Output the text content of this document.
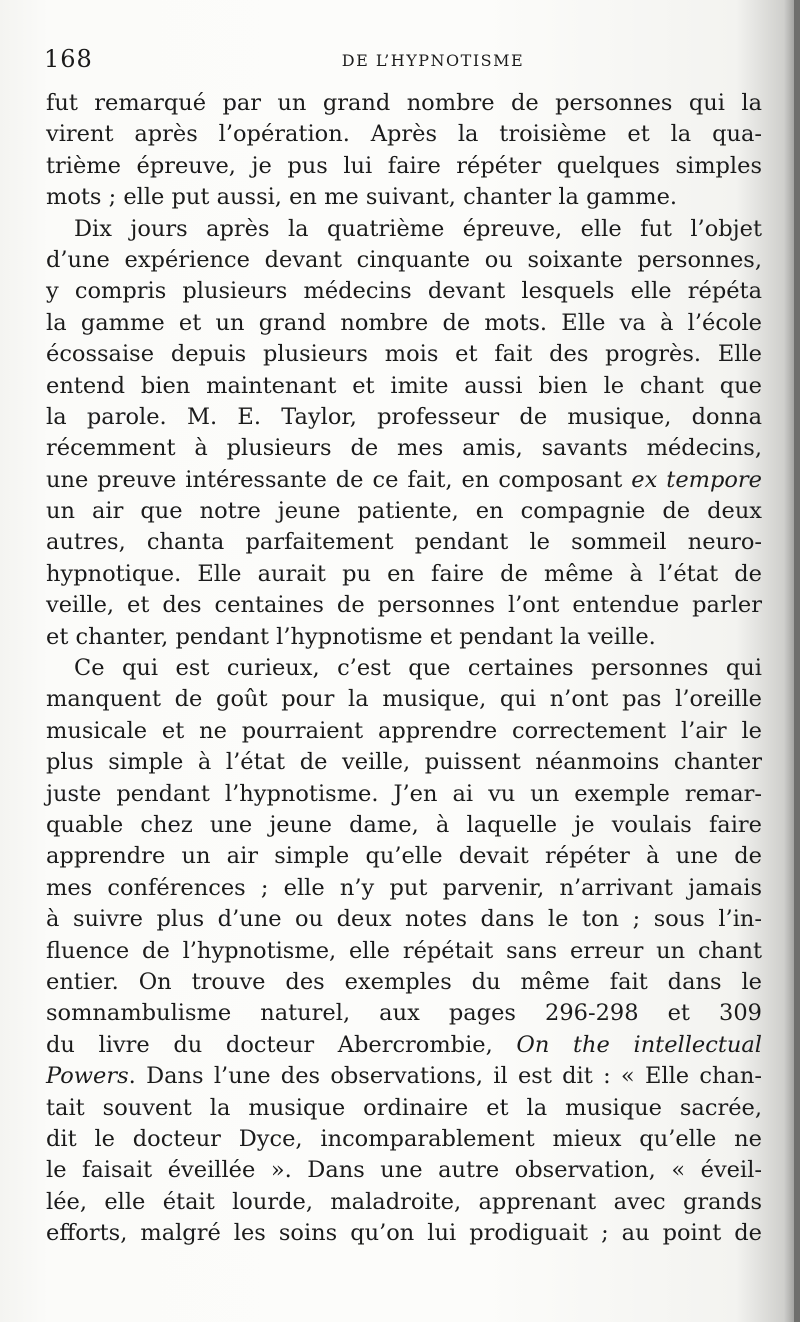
168	DE L’HYPNOTISME
fut remarqué par un grand nombre de personnes qui la
virent après l’opération. Après la troisième et la qua-
trième épreuve, je pus lui faire répéter quelques simples
mots ; elle put aussi, en me suivant, chanter la gamme.
Dix jours après la quatrième épreuve, elle fut l’objet
d’une expérience devant cinquante ou soixante personnes,
y compris plusieurs médecins devant lesquels elle répéta
la gamme et un grand nombre de mots. Elle va à l’école
écossaise depuis plusieurs mois et fait des progrès. Elle
entend bien maintenant et imite aussi bien le chant que
la parole. M. E. Taylor, professeur de musique, donna
récemment à plusieurs de mes amis, savants médecins,
une preuve intéressante de ce fait, en composant ex tempore
un air que notre jeune patiente, en compagnie de deux
autres, chanta parfaitement pendant le sommeil neuro-
hypnotique. Elle aurait pu en faire de même à l’état de
veille, et des centaines de personnes l’ont entendue parler
et chanter, pendant l’hypnotisme et pendant la veille.
Ce qui est curieux, c’est que certaines personnes qui
manquent de goût pour la musique, qui n’ont pas l’oreille
musicale et ne pourraient apprendre correctement l’air le
plus simple à l’état de veille, puissent néanmoins chanter
juste pendant l’hypnotisme. J’en ai vu un exemple remar-
quable chez une jeune dame, à laquelle je voulais faire
apprendre un air simple qu’elle devait répéter à une de
mes conférences ; elle n’y put parvenir, n’arrivant jamais
à suivre plus d’une ou deux notes dans le ton ; sous l’in-
fluence de l’hypnotisme, elle répétait sans erreur un chant
entier. On trouve des exemples du même fait dans le
somnambulisme naturel, aux pages 296-298 et 309
du livre du docteur Abercrombie, On the intellectual
Powers. Dans l’une des observations, il est dit : « Elle chan-
tait souvent la musique ordinaire et la musique sacrée,
dit le docteur Dyce, incomparablement mieux qu’elle ne
le faisait éveillée ». Dans une autre observation, « éveil-
lée, elle était lourde, maladroite, apprenant avec grands
efforts, malgré les soins qu’on lui prodiguait ; au point de
